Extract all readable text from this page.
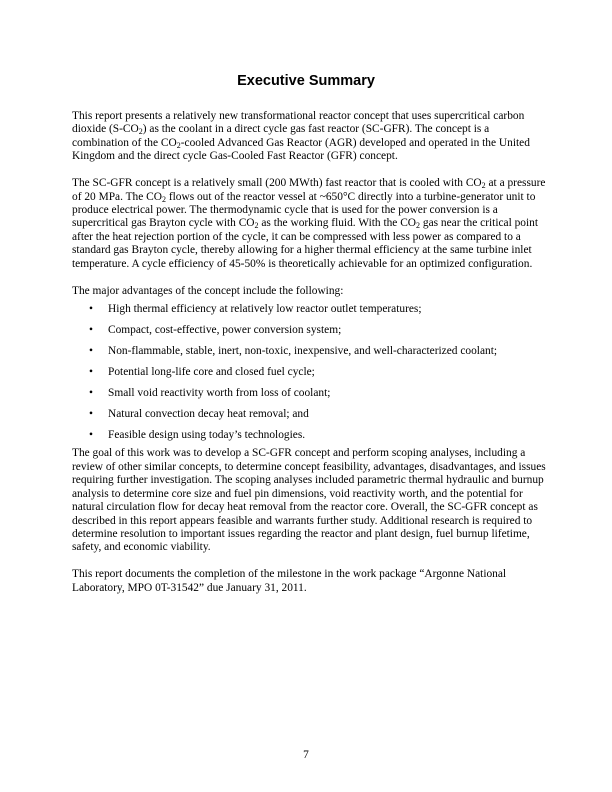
Executive Summary

This report presents a relatively new transformational reactor concept that uses supercritical carbon dioxide $(S-CO_2)$ as the coolant in a direct cycle gas fast reactor (SC-GFR). The concept is a combination of the $CO_2$-cooled Advanced Gas Reactor (AGR) developed and operated in the United Kingdom and the direct cycle Gas-Cooled Fast Reactor (GFR) concept.

The SC-GFR concept is a relatively small (200 MWth) fast reactor that is cooled with $CO_2$ at a pressure of 20 MPa. The $CO_2$ flows out of the reactor vessel at ~650°C directly into a turbine-generator unit to produce electrical power. The thermodynamic cycle that is used for the power conversion is a supercritical gas Brayton cycle with $CO_2$ as the working fluid. With the $CO_2$ gas near the critical point after the heat rejection portion of the cycle, it can be compressed with less power as compared to a standard gas Brayton cycle, thereby allowing for a higher thermal efficiency at the same turbine inlet temperature. A cycle efficiency of 45-50% is theoretically achievable for an optimized configuration.

The major advantages of the concept include the following:

• High thermal efficiency at relatively low reactor outlet temperatures;
• Compact, cost-effective, power conversion system;
• Non-flammable, stable, inert, non-toxic, inexpensive, and well-characterized coolant;
• Potential long-life core and closed fuel cycle;
• Small void reactivity worth from loss of coolant;
• Natural convection decay heat removal; and
• Feasible design using today’s technologies.

The goal of this work was to develop a SC-GFR concept and perform scoping analyses, including a review of other similar concepts, to determine concept feasibility, advantages, disadvantages, and issues requiring further investigation. The scoping analyses included parametric thermal hydraulic and burnup analysis to determine core size and fuel pin dimensions, void reactivity worth, and the potential for natural circulation flow for decay heat removal from the reactor core. Overall, the SC-GFR concept as described in this report appears feasible and warrants further study. Additional research is required to determine resolution to important issues regarding the reactor and plant design, fuel burnup lifetime, safety, and economic viability.

This report documents the completion of the milestone in the work package “Argonne National Laboratory, MPO 0T-31542” due January 31, 2011.

7
